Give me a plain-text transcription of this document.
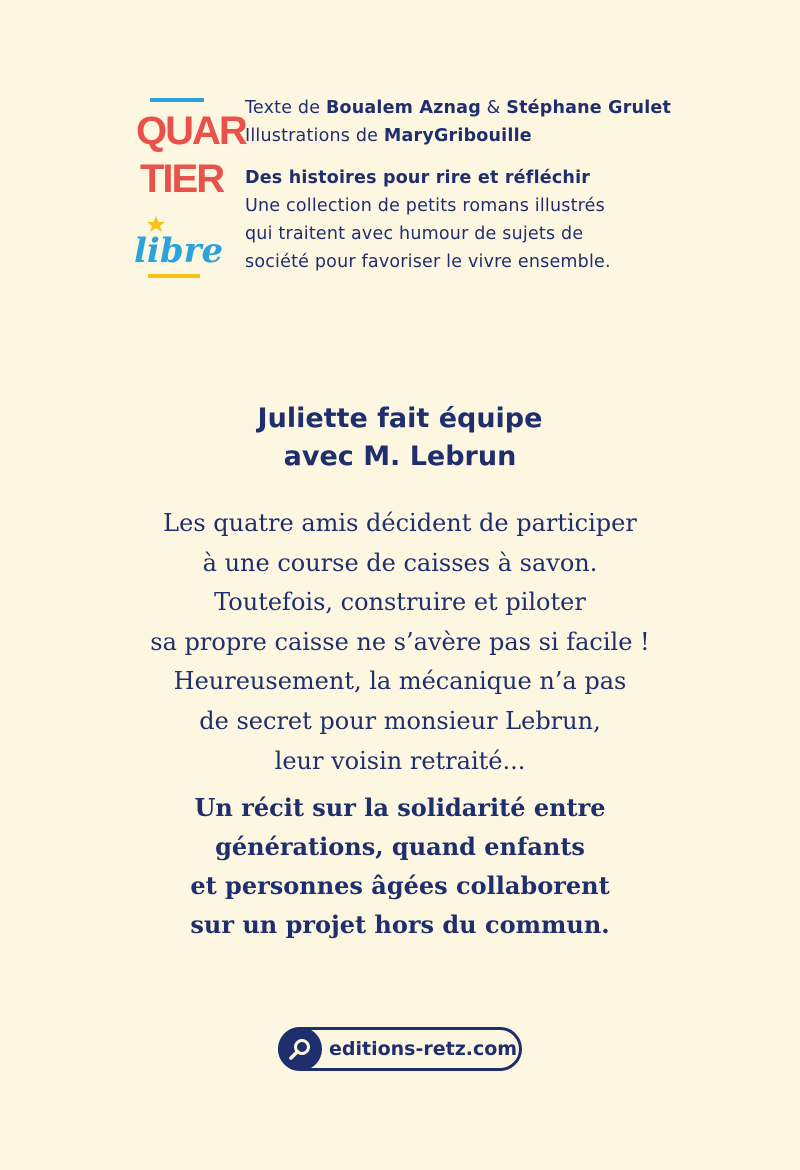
QUAR
TIER
libre
Texte de Boualem Aznag & Stéphane Grulet
Illustrations de MaryGribouille
Des histoires pour rire et réfléchir
Une collection de petits romans illustrés
qui traitent avec humour de sujets de
société pour favoriser le vivre ensemble.
Juliette fait équipe
avec M. Lebrun
Les quatre amis décident de participer
à une course de caisses à savon.
Toutefois, construire et piloter
sa propre caisse ne s’avère pas si facile !
Heureusement, la mécanique n’a pas
de secret pour monsieur Lebrun,
leur voisin retraité...
Un récit sur la solidarité entre
générations, quand enfants
et personnes âgées collaborent
sur un projet hors du commun.
editions-retz.com
